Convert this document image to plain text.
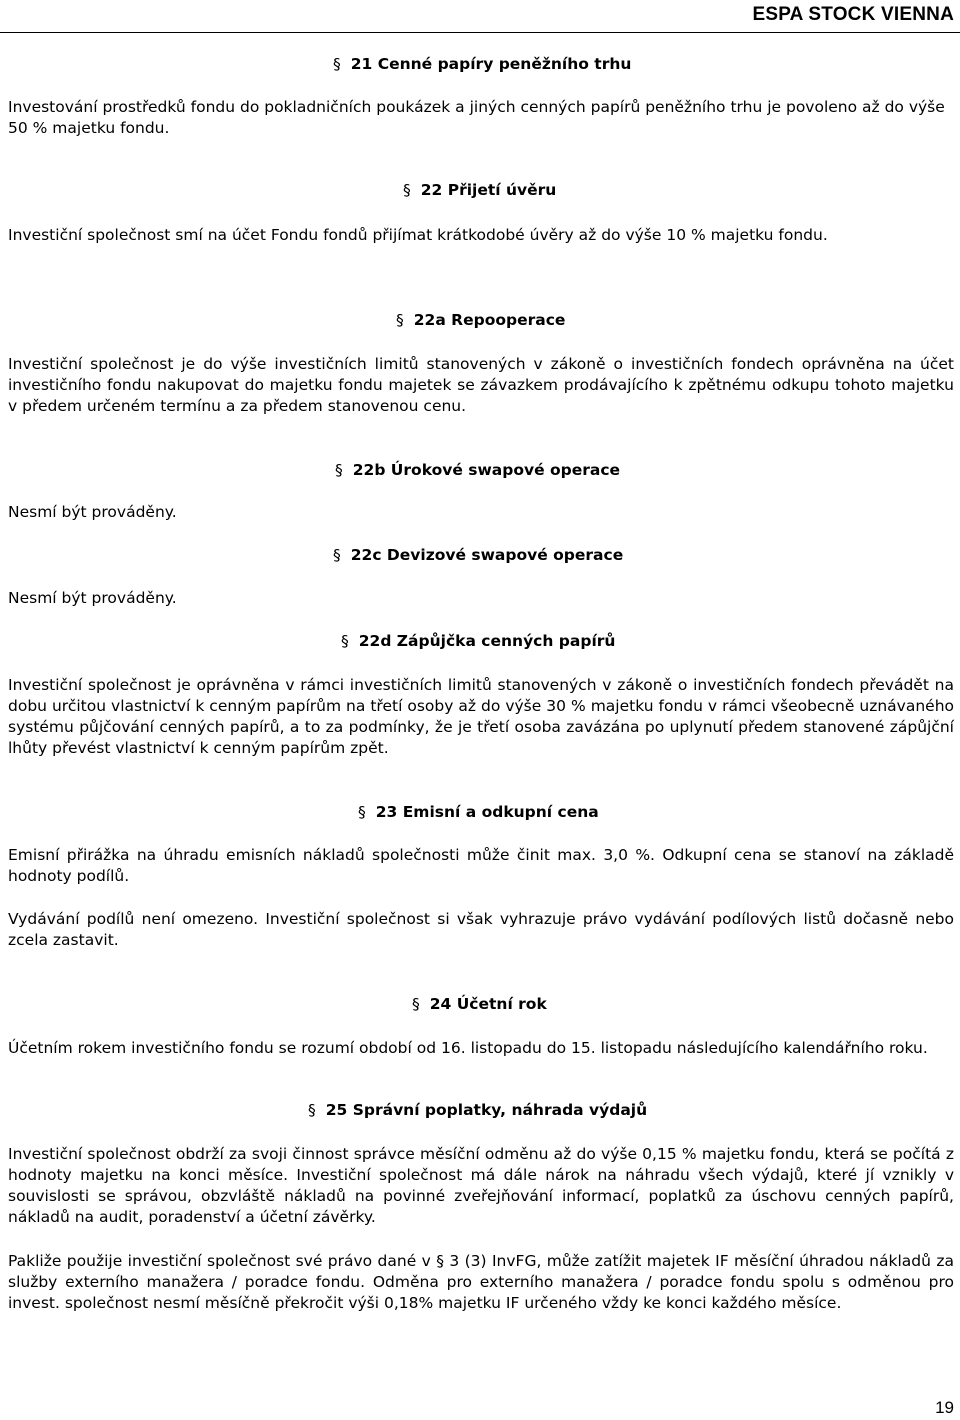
ESPA STOCK VIENNA
§ 21 Cenné papíry peněžního trhu

Investování prostředků fondu do pokladničních poukázek a jiných cenných papírů peněžního trhu je povoleno až do výše 50 % majetku fondu.

§ 22 Přijetí úvěru

Investiční společnost smí na účet Fondu fondů přijímat krátkodobé úvěry až do výše 10 % majetku fondu.

§ 22a Repooperace

Investiční společnost je do výše investičních limitů stanovených v zákoně o investičních fondech oprávněna na účet investičního fondu nakupovat do majetku fondu majetek se závazkem prodávajícího k zpětnému odkupu tohoto majetku v předem určeném termínu a za předem stanovenou cenu.

§ 22b Úrokové swapové operace
Nesmí být prováděny.
§ 22c Devizové swapové operace
Nesmí být prováděny.
§ 22d Zápůjčka cenných papírů

Investiční společnost je oprávněna v rámci investičních limitů stanovených v zákoně o investičních fondech převádět na dobu určitou vlastnictví k cenným papírům na třetí osoby až do výše 30 % majetku fondu v rámci všeobecně uznávaného systému půjčování cenných papírů, a to za podmínky, že je třetí osoba zavázána po uplynutí předem stanovené zápůjční lhůty převést vlastnictví k cenným papírům zpět.

§ 23 Emisní a odkupní cena

Emisní přirážka na úhradu emisních nákladů společnosti může činit max. 3,0 %. Odkupní cena se stanoví na základě hodnoty podílů.

Vydávání podílů není omezeno. Investiční společnost si však vyhrazuje právo vydávání podílových listů dočasně nebo zcela zastavit.

§ 24 Účetní rok

Účetním rokem investičního fondu se rozumí období od 16. listopadu do 15. listopadu následujícího kalendářního roku.

§ 25 Správní poplatky, náhrada výdajů

Investiční společnost obdrží za svoji činnost správce měsíční odměnu až do výše 0,15 % majetku fondu, která se počítá z hodnoty majetku na konci měsíce. Investiční společnost má dále nárok na náhradu všech výdajů, které jí vznikly v souvislosti se správou, obzvláště nákladů na povinné zveřejňování informací, poplatků za úschovu cenných papírů, nákladů na audit, poradenství a účetní závěrky.

Pakliže použije investiční společnost své právo dané v § 3 (3) InvFG, může zatížit majetek IF měsíční úhradou nákladů za služby externího manažera / poradce fondu. Odměna pro externího manažera / poradce fondu spolu s odměnou pro invest. společnost nesmí měsíčně překročit výši 0,18% majetku IF určeného vždy ke konci každého měsíce.

19
